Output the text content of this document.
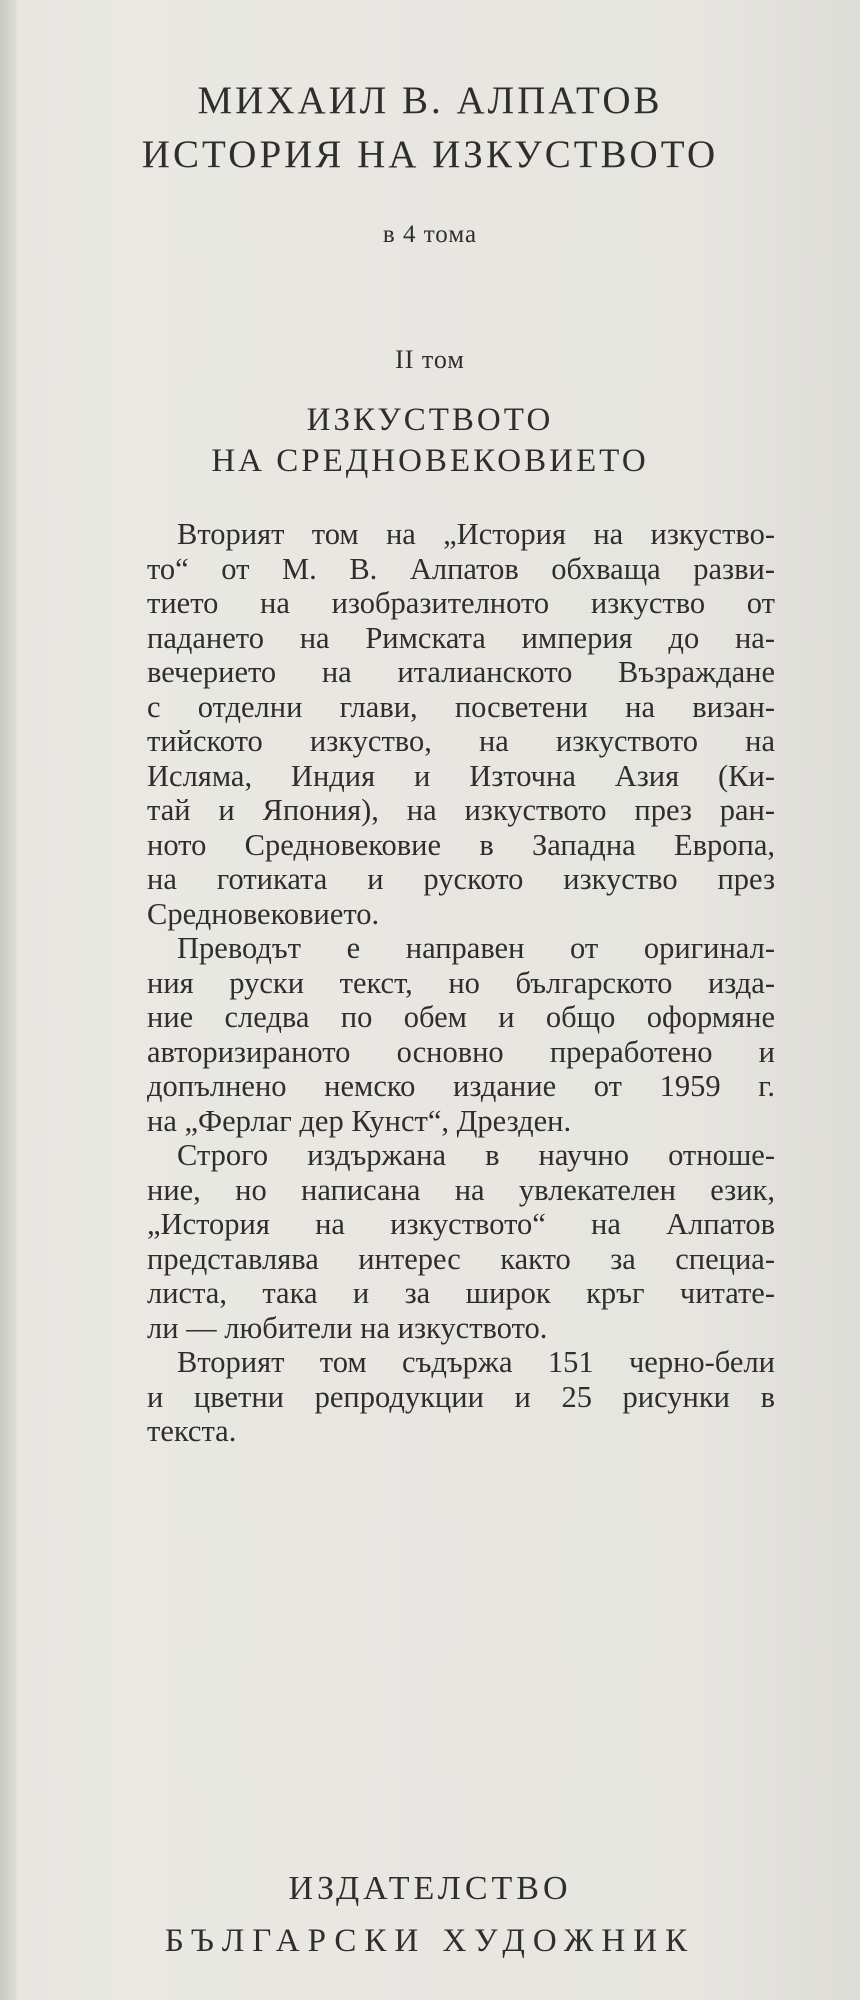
МИХАИЛ В. АЛПАТОВ
ИСТОРИЯ НА ИЗКУСТВОТО
в 4 тома
II том
ИЗКУСТВОТО
НА СРЕДНОВЕКОВИЕТО
Вторият том на „История на изкуство-
то“ от М. В. Алпатов обхваща разви-
тието на изобразителното изкуство от
падането на Римската империя до на-
вечерието на италианското Възраждане
с отделни глави, посветени на визан-
тийското изкуство, на изкуството на
Исляма, Индия и Източна Азия (Ки-
тай и Япония), на изкуството през ран-
ното Средновековие в Западна Европа,
на готиката и руското изкуство през
Средновековието.
Преводът е направен от оригинал-
ния руски текст, но българското изда-
ние следва по обем и общо оформяне
авторизираното основно преработено и
допълнено немско издание от 1959 г.
на „Ферлаг дер Кунст“, Дрезден.
Строго издържана в научно отноше-
ние, но написана на увлекателен език,
„История на изкуството“ на Алпатов
представлява интерес както за специа-
листа, така и за широк кръг читате-
ли — любители на изкуството.
Вторият том съдържа 151 черно-бели
и цветни репродукции и 25 рисунки в
текста.
ИЗДАТЕЛСТВО
БЪЛГАРСКИ ХУДОЖНИК
